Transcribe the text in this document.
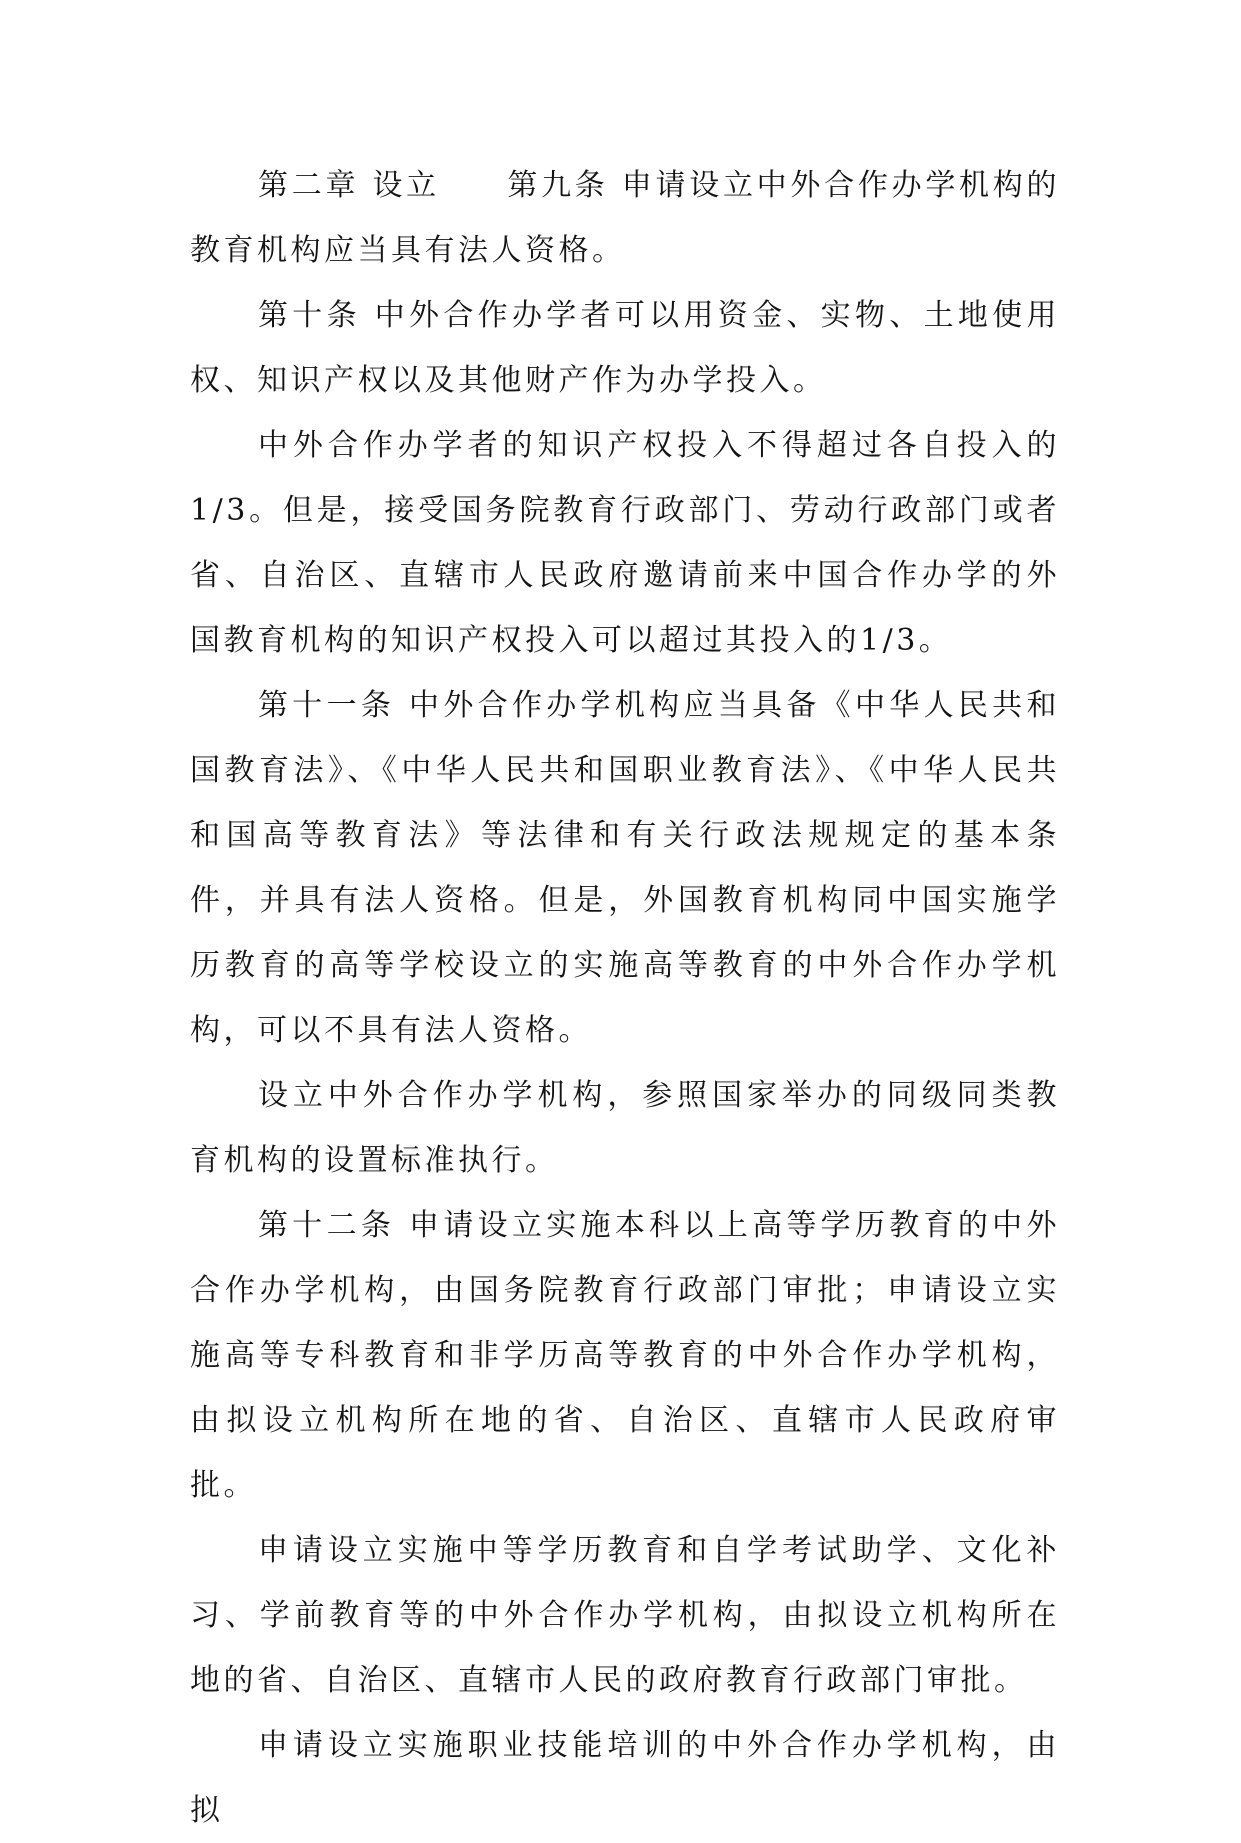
第二章 设立　　第九条 申请设立中外合作办学机构的教育机构应当具有法人资格。

第十条 中外合作办学者可以用资金、实物、土地使用权、知识产权以及其他财产作为办学投入。

中外合作办学者的知识产权投入不得超过各自投入的1/3。但是，接受国务院教育行政部门、劳动行政部门或者省、自治区、直辖市人民政府邀请前来中国合作办学的外国教育机构的知识产权投入可以超过其投入的1/3。

第十一条 中外合作办学机构应当具备《中华人民共和国教育法》、《中华人民共和国职业教育法》、《中华人民共和国高等教育法》等法律和有关行政法规规定的基本条件，并具有法人资格。但是，外国教育机构同中国实施学历教育的高等学校设立的实施高等教育的中外合作办学机构，可以不具有法人资格。

设立中外合作办学机构，参照国家举办的同级同类教育机构的设置标准执行。

第十二条 申请设立实施本科以上高等学历教育的中外合作办学机构，由国务院教育行政部门审批；申请设立实施高等专科教育和非学历高等教育的中外合作办学机构，由拟设立机构所在地的省、自治区、直辖市人民政府审批。

申请设立实施中等学历教育和自学考试助学、文化补习、学前教育等的中外合作办学机构，由拟设立机构所在地的省、自治区、直辖市人民的政府教育行政部门审批。

申请设立实施职业技能培训的中外合作办学机构，由拟
